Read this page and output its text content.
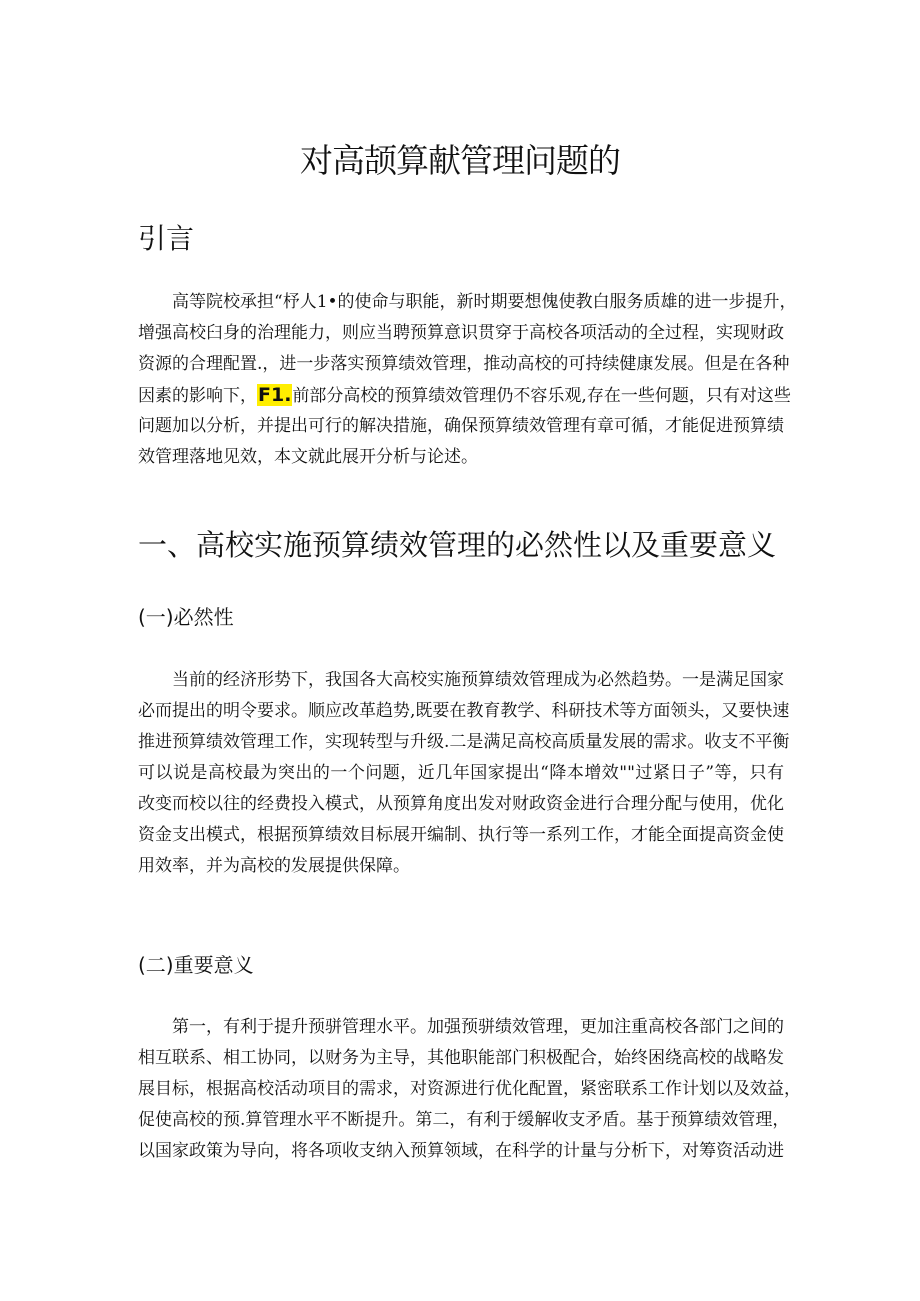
对高颉算献管理问题的
引言
高等院校承担“杼人1•的使命与职能，新时期要想傀使教白服务质雄的进一步提升，
增强高校臼身的治理能力，则应当聘预算意识贯穿于高校各项活动的全过程，实现财政
资源的合理配置.，进一步落实预算绩效管理，推动高校的可持续健康发展。但是在各种
因素的影响下，F1.前部分高校的预算绩效管理仍不容乐观,存在一些何题，只有对这些
问题加以分析，并提出可行的解决措施，确保预算绩效管理有章可循，才能促进预算绩
效管理落地见效，本文就此展开分析与论述。
一、高校实施预算绩效管理的必然性以及重要意义
(一)必然性
当前的经济形势下，我国各大高校实施预算绩效管理成为必然趋势。一是满足国家
必而提出的明令要求。顺应改革趋势,既要在教育教学、科研技术等方面领头，又要快速
推进预算绩效管理工作，实现转型与升级.二是满足高校高质量发展的需求。收支不平衡
可以说是高校最为突出的一个问题，近几年国家提出“降本增效""过紧日子”等，只有
改变而校以往的经费投入模式，从预算角度出发对财政资金进行合理分配与使用，优化
资金支出模式，根据预算绩效目标展开编制、执行等一系列工作，才能全面提高资金使
用效率，并为高校的发展提供保障。
(二)重要意义
第一，有利于提升预骈管理水平。加强预骈绩效管理，更加注重高校各部门之间的
相互联系、相工协同，以财务为主导，其他职能部门积极配合，始终困绕高校的战略发
展目标，根据高校活动项目的需求，对资源进行优化配置，紧密联系工作计划以及效益，
促使高校的预.算管理水平不断提升。第二，有利于缓解收支矛盾。基于预算绩效管理，
以国家政策为导向，将各项收支纳入预算领域，在科学的计量与分析下，对筹资活动进
